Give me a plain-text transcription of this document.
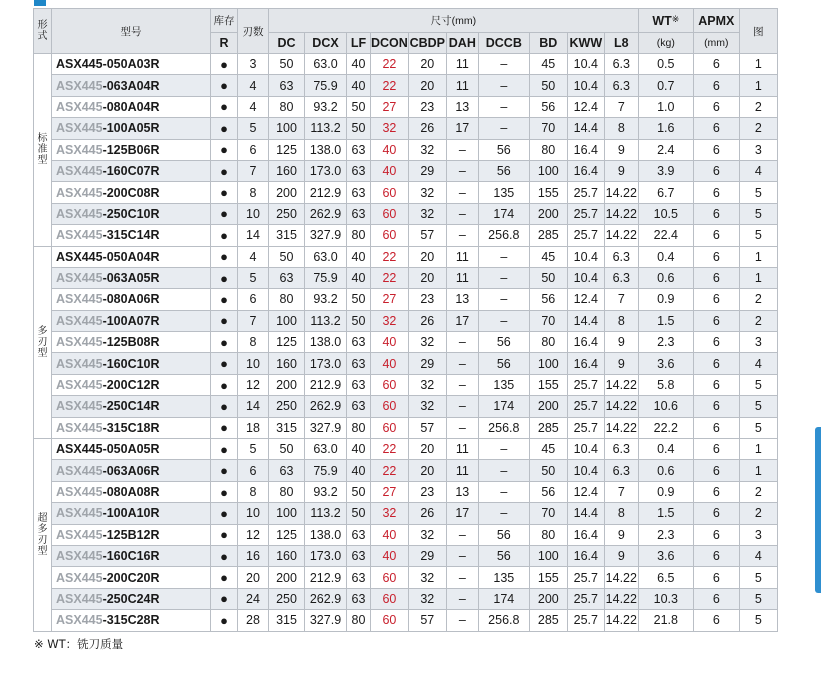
形式	型号	库存	刃数	尺寸(mm)										WT※	APMX	图
		R		DC	DCX	LF	DCON	CBDP	DAH	DCCB	BD	KWW	L8	(kg)	(mm)	
标准型	ASX445-050A03R	●	3	50	63.0	40	22	20	11	–	45	10.4	6.3	0.5	6	1
	ASX445-063A04R	●	4	63	75.9	40	22	20	11	–	50	10.4	6.3	0.7	6	1
	ASX445-080A04R	●	4	80	93.2	50	27	23	13	–	56	12.4	7	1.0	6	2
	ASX445-100A05R	●	5	100	113.2	50	32	26	17	–	70	14.4	8	1.6	6	2
	ASX445-125B06R	●	6	125	138.0	63	40	32	–	56	80	16.4	9	2.4	6	3
	ASX445-160C07R	●	7	160	173.0	63	40	29	–	56	100	16.4	9	3.9	6	4
	ASX445-200C08R	●	8	200	212.9	63	60	32	–	135	155	25.7	14.22	6.7	6	5
	ASX445-250C10R	●	10	250	262.9	63	60	32	–	174	200	25.7	14.22	10.5	6	5
	ASX445-315C14R	●	14	315	327.9	80	60	57	–	256.8	285	25.7	14.22	22.4	6	5
多刃型	ASX445-050A04R	●	4	50	63.0	40	22	20	11	–	45	10.4	6.3	0.4	6	1
	ASX445-063A05R	●	5	63	75.9	40	22	20	11	–	50	10.4	6.3	0.6	6	1
	ASX445-080A06R	●	6	80	93.2	50	27	23	13	–	56	12.4	7	0.9	6	2
	ASX445-100A07R	●	7	100	113.2	50	32	26	17	–	70	14.4	8	1.5	6	2
	ASX445-125B08R	●	8	125	138.0	63	40	32	–	56	80	16.4	9	2.3	6	3
	ASX445-160C10R	●	10	160	173.0	63	40	29	–	56	100	16.4	9	3.6	6	4
	ASX445-200C12R	●	12	200	212.9	63	60	32	–	135	155	25.7	14.22	5.8	6	5
	ASX445-250C14R	●	14	250	262.9	63	60	32	–	174	200	25.7	14.22	10.6	6	5
	ASX445-315C18R	●	18	315	327.9	80	60	57	–	256.8	285	25.7	14.22	22.2	6	5
超多刃型	ASX445-050A05R	●	5	50	63.0	40	22	20	11	–	45	10.4	6.3	0.4	6	1
	ASX445-063A06R	●	6	63	75.9	40	22	20	11	–	50	10.4	6.3	0.6	6	1
	ASX445-080A08R	●	8	80	93.2	50	27	23	13	–	56	12.4	7	0.9	6	2
	ASX445-100A10R	●	10	100	113.2	50	32	26	17	–	70	14.4	8	1.5	6	2
	ASX445-125B12R	●	12	125	138.0	63	40	32	–	56	80	16.4	9	2.3	6	3
	ASX445-160C16R	●	16	160	173.0	63	40	29	–	56	100	16.4	9	3.6	6	4
	ASX445-200C20R	●	20	200	212.9	63	60	32	–	135	155	25.7	14.22	6.5	6	5
	ASX445-250C24R	●	24	250	262.9	63	60	32	–	174	200	25.7	14.22	10.3	6	5
	ASX445-315C28R	●	28	315	327.9	80	60	57	–	256.8	285	25.7	14.22	21.8	6	5
※ WT：铣刀质量
